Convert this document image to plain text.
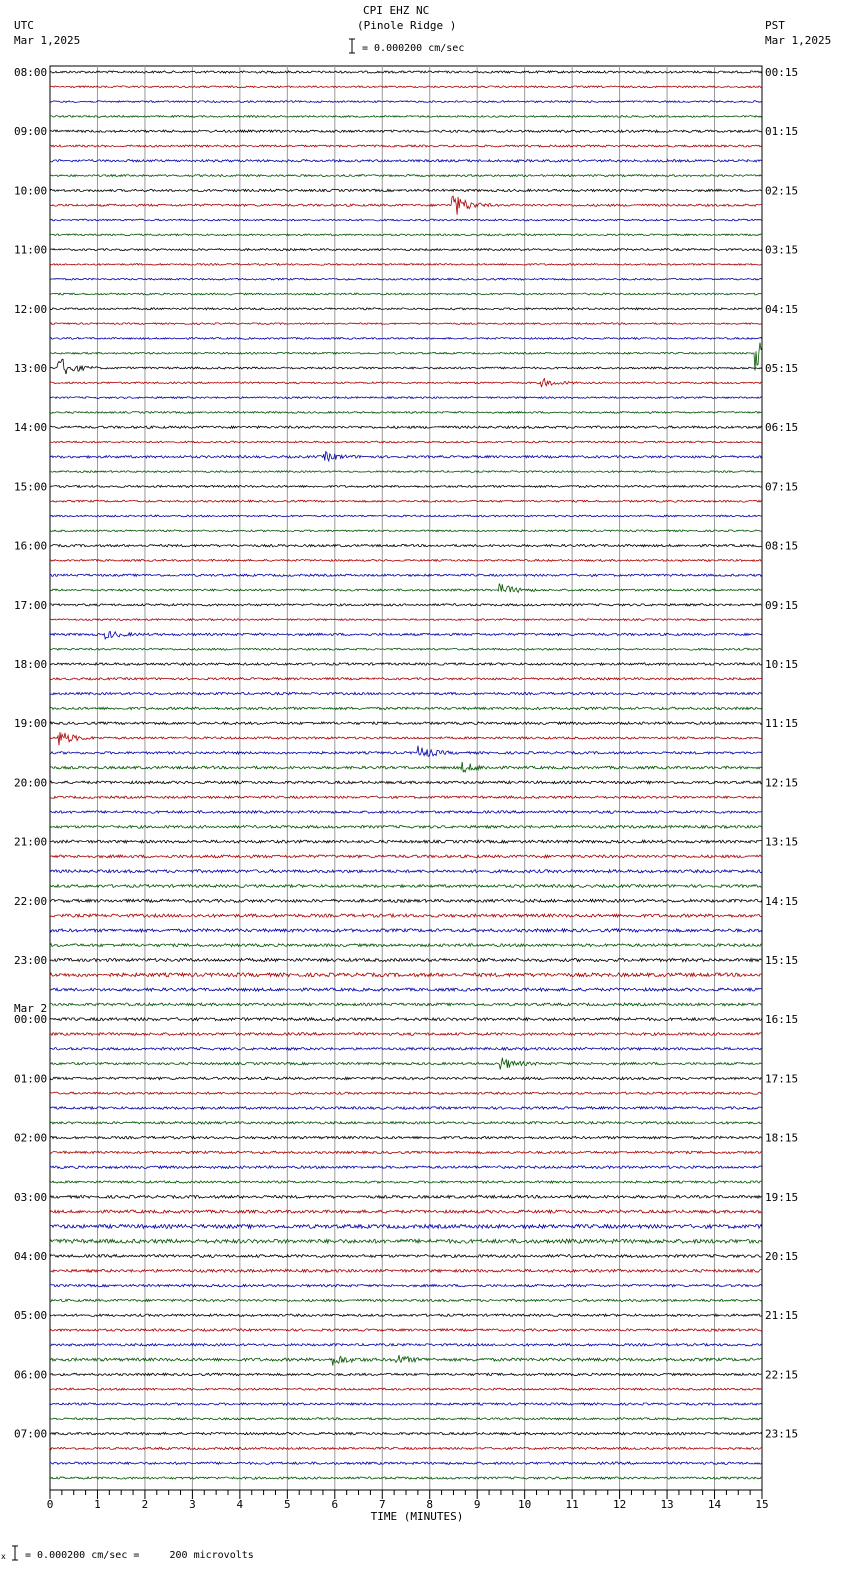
CPI EHZ NC
(Pinole Ridge )
UTC
Mar 1,2025
PST
Mar 1,2025
= 0.000200 cm/sec
Mar 2
x = 0.000200 cm/sec =     200 microvolts
08:00
09:00
10:00
11:00
12:00
13:00
14:00
15:00
16:00
17:00
18:00
19:00
20:00
21:00
22:00
23:00
00:00
01:00
02:00
03:00
04:00
05:00
06:00
07:00
00:15
01:15
02:15
03:15
04:15
05:15
06:15
07:15
08:15
09:15
10:15
11:15
12:15
13:15
14:15
15:15
16:15
17:15
18:15
19:15
20:15
21:15
22:15
23:15
0	1	2	3	4	5	6	7	8	9	10	11	12	13	14	15
TIME (MINUTES)
